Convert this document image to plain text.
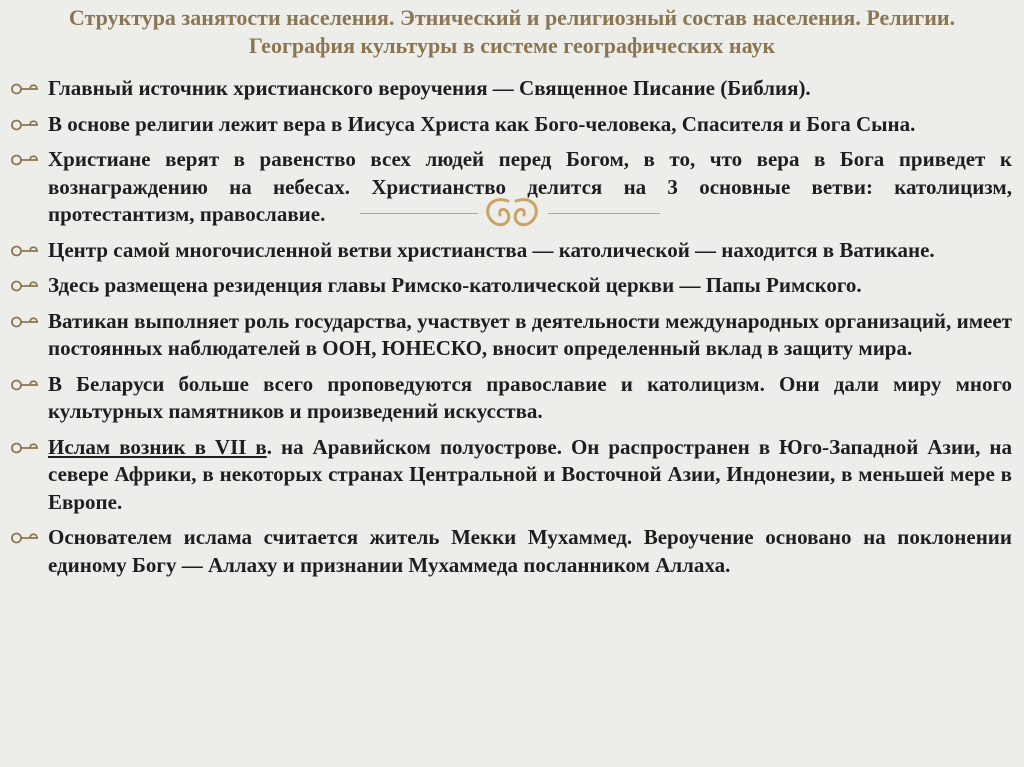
Структура занятости населения. Этнический и религиозный состав населения. Религии. География культуры в системе географических наук
Главный источник христианского вероучения — Священное Писание (Библия).
В основе религии лежит вера в Иисуса Христа как Бого-человека, Спасителя и Бога Сына.
Христиане верят в равенство всех людей перед Богом, в то, что вера в Бога приведет к вознаграждению на небесах. Христианство делится на 3 основные ветви: католицизм, протестантизм, православие.
Центр самой многочисленной ветви христианства — католической — находится в Ватикане.
Здесь размещена резиденция главы Римско-католической церкви — Папы Римского.
Ватикан выполняет роль государства, участвует в деятельности международных организаций, имеет постоянных наблюдателей в ООН, ЮНЕСКО, вносит определенный вклад в защиту мира.
В Беларуси больше всего проповедуются православие и католицизм. Они дали миру много культурных памятников и произведений искусства.
Ислам возник в VII в. на Аравийском полуострове. Он распространен в Юго-Западной Азии, на севере Африки, в некоторых странах Центральной и Восточной Азии, Индонезии, в меньшей мере в Европе.
Основателем ислама считается житель Мекки Мухаммед. Вероучение основано на поклонении единому Богу — Аллаху и признании Мухаммеда посланником Аллаха.
